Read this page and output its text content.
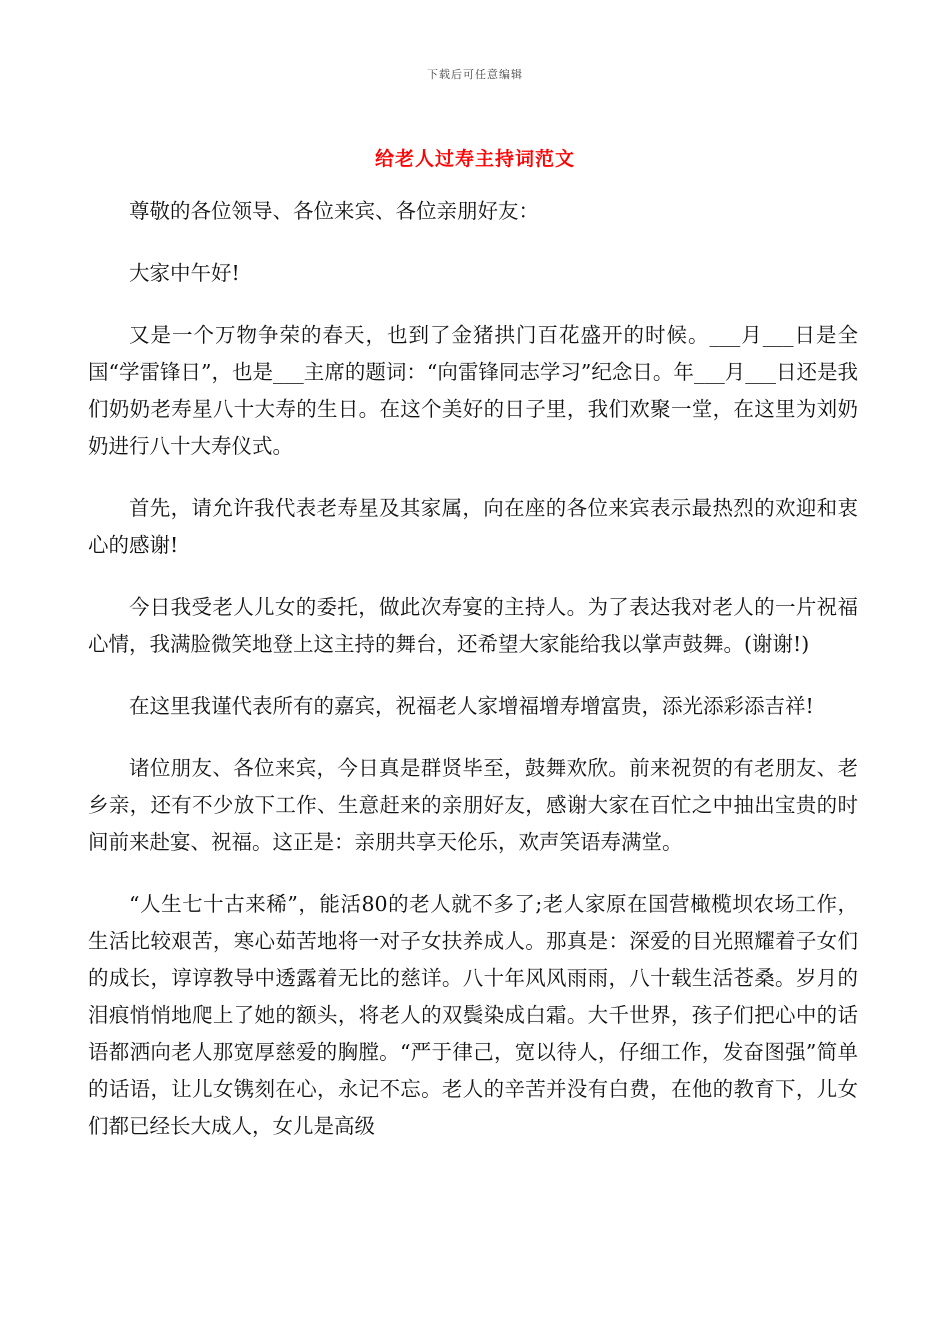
下载后可任意编辑
给老人过寿主持词范文

尊敬的各位领导、各位来宾、各位亲朋好友：

大家中午好!

又是一个万物争荣的春天，也到了金猪拱门百花盛开的时候。___月___日是全国“学雷锋日”，也是___主席的题词：“向雷锋同志学习”纪念日。年___月___日还是我们奶奶老寿星八十大寿的生日。在这个美好的日子里，我们欢聚一堂，在这里为刘奶奶进行八十大寿仪式。

首先，请允许我代表老寿星及其家属，向在座的各位来宾表示最热烈的欢迎和衷心的感谢!

今日我受老人儿女的委托，做此次寿宴的主持人。为了表达我对老人的一片祝福心情，我满脸微笑地登上这主持的舞台，还希望大家能给我以掌声鼓舞。(谢谢!)

在这里我谨代表所有的嘉宾，祝福老人家增福增寿增富贵，添光添彩添吉祥!

诸位朋友、各位来宾，今日真是群贤毕至，鼓舞欢欣。前来祝贺的有老朋友、老乡亲，还有不少放下工作、生意赶来的亲朋好友，感谢大家在百忙之中抽出宝贵的时间前来赴宴、祝福。这正是：亲朋共享天伦乐，欢声笑语寿满堂。

“人生七十古来稀”，能活80的老人就不多了;老人家原在国营橄榄坝农场工作，生活比较艰苦，寒心茹苦地将一对子女扶养成人。那真是：深爱的目光照耀着子女们的成长，谆谆教导中透露着无比的慈详。八十年风风雨雨，八十载生活苍桑。岁月的泪痕悄悄地爬上了她的额头，将老人的双鬓染成白霜。大千世界，孩子们把心中的话语都洒向老人那宽厚慈爱的胸膛。“严于律己，宽以待人，仔细工作，发奋图强”简单的话语，让儿女镌刻在心，永记不忘。老人的辛苦并没有白费，在他的教育下，儿女们都已经长大成人，女儿是高级
